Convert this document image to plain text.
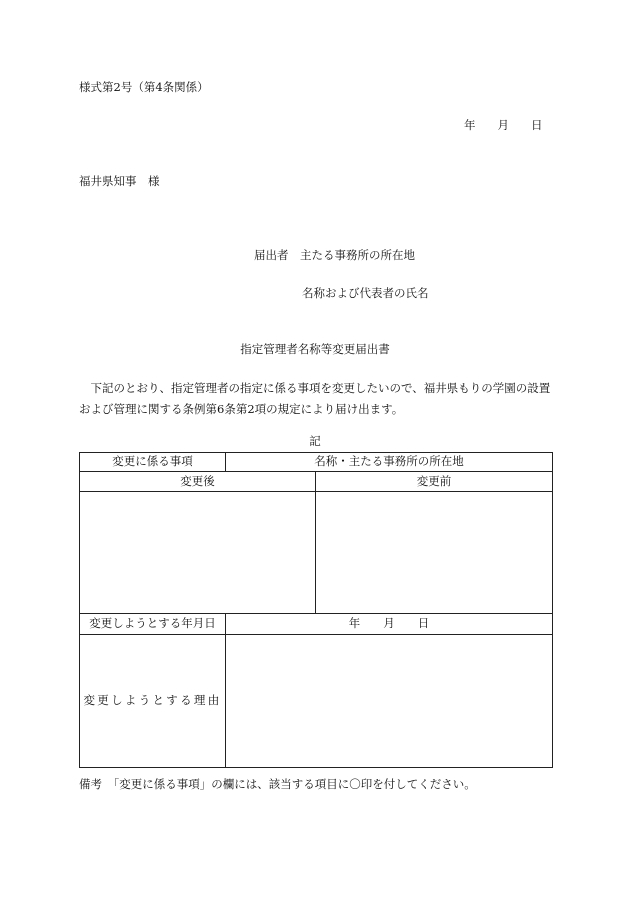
様式第2号（第4条関係）
年 月 日
福井県知事　様
届出者　主たる事務所の所在地
名称および代表者の氏名
指定管理者名称等変更届出書
下記のとおり、指定管理者の指定に係る事項を変更したいので、福井県もりの学園の設置および管理に関する条例第6条第2項の規定により届け出ます。
記
変更に係る事項	名称・主たる事務所の所在地	
変更後		変更前

変更しようとする年月日	年　　月　　日	
変更しようとする理由		
備考　「変更に係る事項」の欄には、該当する項目に〇印を付してください。
